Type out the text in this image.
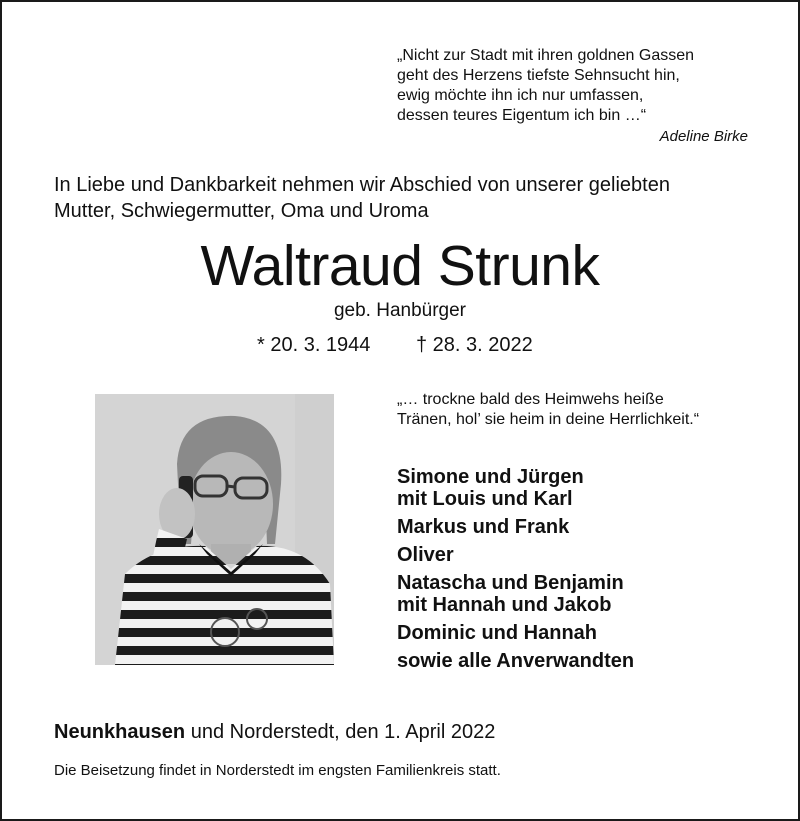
„Nicht zur Stadt mit ihren goldnen Gassen
geht des Herzens tiefste Sehnsucht hin,
ewig möchte ihn ich nur umfassen,
dessen teures Eigentum ich bin …“
Adeline Birke
In Liebe und Dankbarkeit nehmen wir Abschied von unserer geliebten
Mutter, Schwiegermutter, Oma und Uroma
Waltraud Strunk
geb. Hanbürger
* 20. 3. 1944 † 28. 3. 2022
„… trockne bald des Heimwehs heiße
Tränen, hol’ sie heim in deine Herrlichkeit.“
Simone und Jürgen
mit Louis und Karl
Markus und Frank
Oliver
Natascha und Benjamin
mit Hannah und Jakob
Dominic und Hannah
sowie alle Anverwandten
Neunkhausen und Norderstedt, den 1. April 2022
Die Beisetzung findet in Norderstedt im engsten Familienkreis statt.
